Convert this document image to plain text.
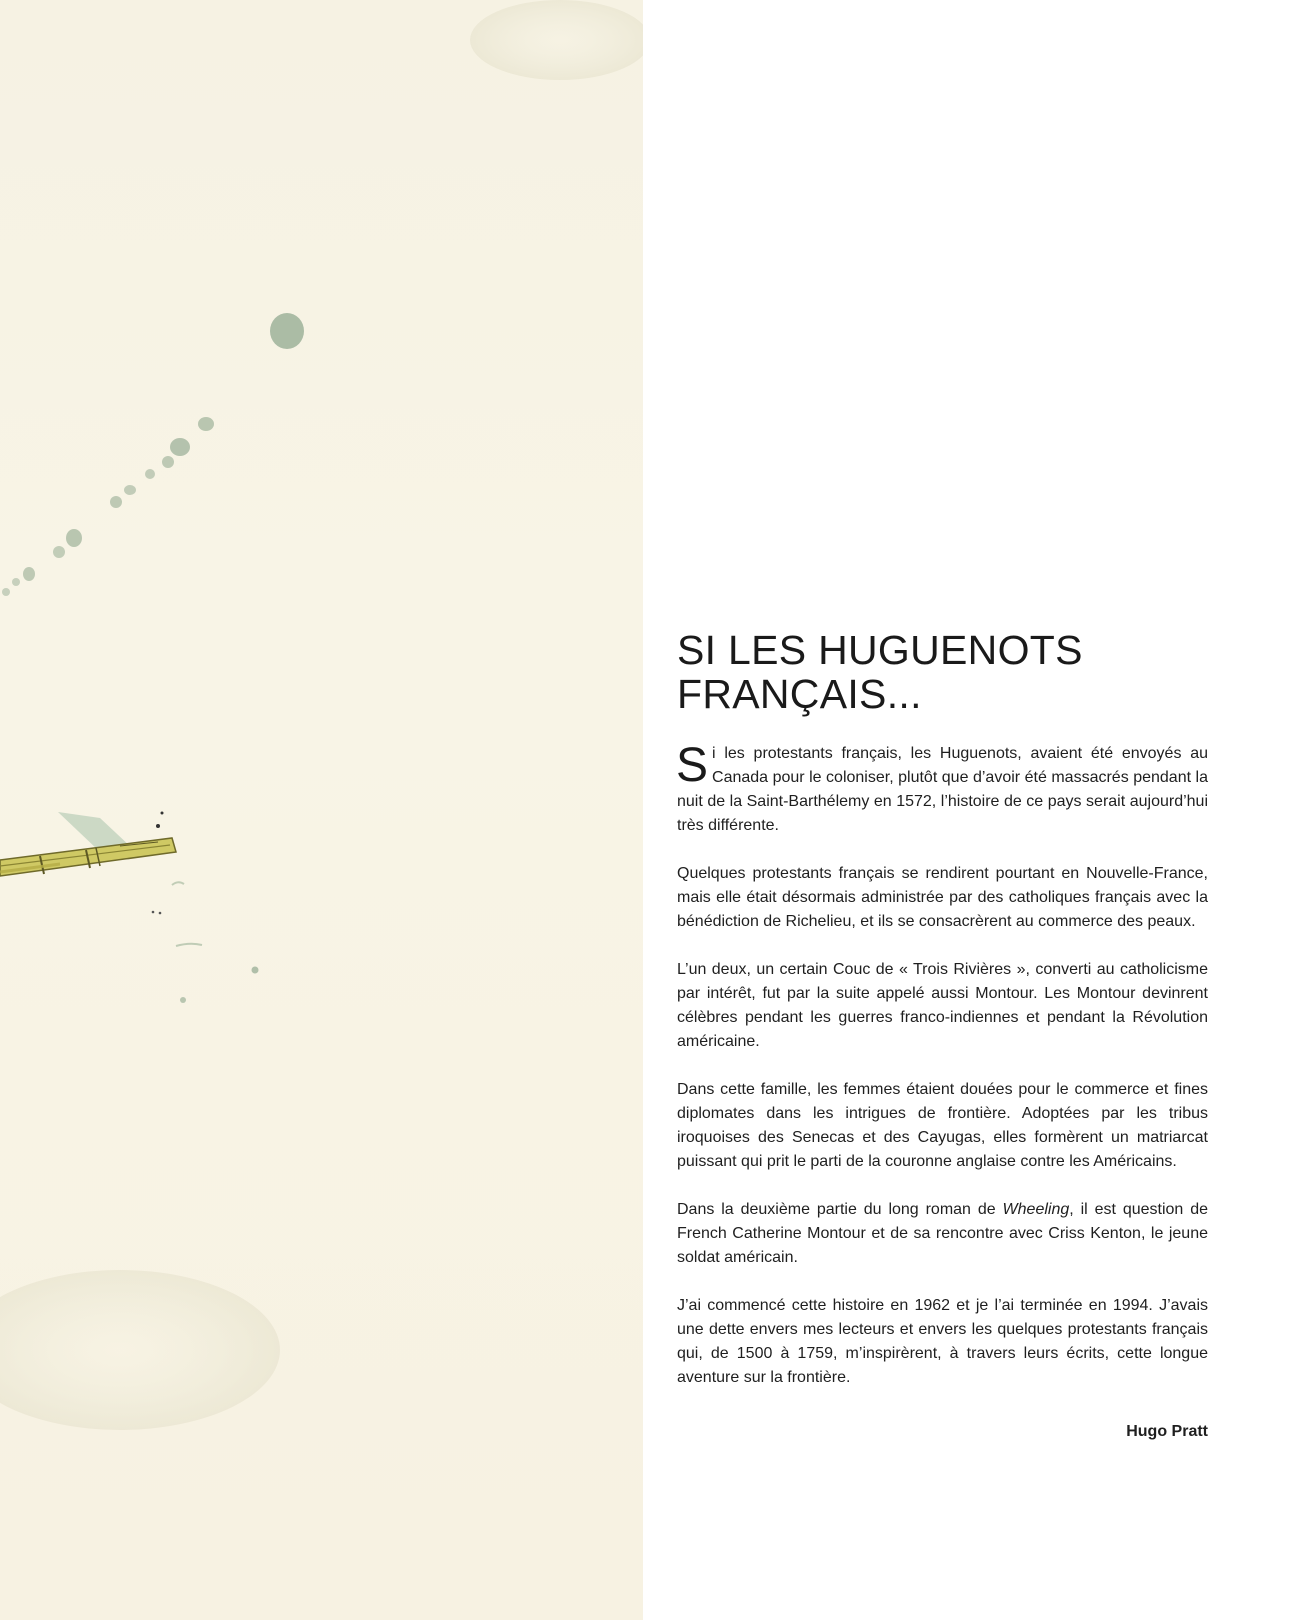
SI LES HUGUENOTS
FRANÇAIS...

Si les protestants français, les Huguenots, avaient été envoyés au Canada pour le coloniser, plutôt que d’avoir été massacrés pendant la nuit de la Saint-Barthélemy en 1572, l’histoire de ce pays serait aujourd’hui très différente.

Quelques protestants français se rendirent pourtant en Nouvelle-France, mais elle était désormais administrée par des catholiques français avec la bénédiction de Richelieu, et ils se consacrèrent au commerce des peaux.

L’un deux, un certain Couc de « Trois Rivières », converti au catholicisme par intérêt, fut par la suite appelé aussi Montour. Les Montour devinrent célèbres pendant les guerres franco-indiennes et pendant la Révolution américaine.

Dans cette famille, les femmes étaient douées pour le commerce et fines diplomates dans les intrigues de frontière. Adoptées par les tribus iroquoises des Senecas et des Cayugas, elles formèrent un matriarcat puissant qui prit le parti de la couronne anglaise contre les Américains.

Dans la deuxième partie du long roman de Wheeling, il est question de French Catherine Montour et de sa rencontre avec Criss Kenton, le jeune soldat américain.

J’ai commencé cette histoire en 1962 et je l’ai terminée en 1994. J’avais une dette envers mes lecteurs et envers les quelques protestants français qui, de 1500 à 1759, m’inspirèrent, à travers leurs écrits, cette longue aventure sur la frontière.

Hugo Pratt
